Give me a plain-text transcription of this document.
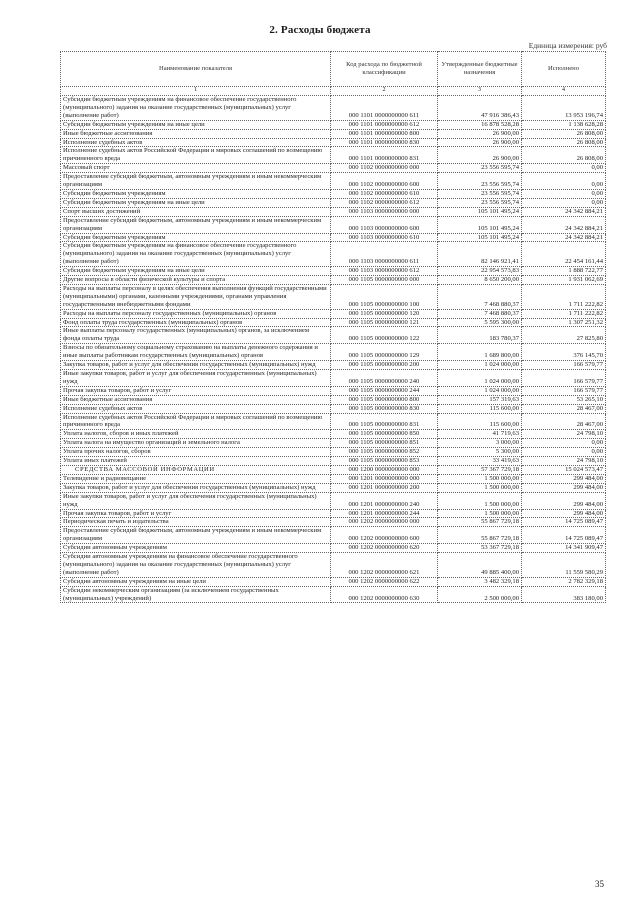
2. Расходы бюджета
Единица измерения: руб
Наименование показателя	Код расхода по бюджетной классификации	Утвержденные бюджетные назначения	Исполнено
1	2	3	4
Субсидии бюджетным учреждениям на финансовое обеспечение государственного (муниципального) задания на оказание государственных (муниципальных) услуг (выполнение работ)	000 1101 0000000000 611	47 916 386,43	13 953 196,74
Субсидии бюджетным учреждениям на иные цели	000 1101 0000000000 612	16 878 528,28	1 138 628,28
Иные бюджетные ассигнования	000 1101 0000000000 800	26 900,00	26 808,00
Исполнение судебных актов	000 1101 0000000000 830	26 900,00	26 808,00
Исполнение судебных актов Российской Федерации и мировых соглашений по возмещению причиненного вреда	000 1101 0000000000 831	26 900,00	26 808,00
Массовый спорт	000 1102 0000000000 000	23 556 595,74	0,00
Предоставление субсидий бюджетным, автономным учреждениям и иным некоммерческим организациям	000 1102 0000000000 600	23 556 595,74	0,00
Субсидии бюджетным учреждениям	000 1102 0000000000 610	23 556 595,74	0,00
Субсидии бюджетным учреждениям на иные цели	000 1102 0000000000 612	23 556 595,74	0,00
Спорт высших достижений	000 1103 0000000000 000	105 101 495,24	24 342 884,21
Предоставление субсидий бюджетным, автономным учреждениям и иным некоммерческим организациям	000 1103 0000000000 600	105 101 495,24	24 342 884,21
Субсидии бюджетным учреждениям	000 1103 0000000000 610	105 101 495,24	24 342 884,21
Субсидии бюджетным учреждениям на финансовое обеспечение государственного (муниципального) задания на оказание государственных (муниципальных) услуг (выполнение работ)	000 1103 0000000000 611	82 146 921,41	22 454 161,44
Субсидии бюджетным учреждениям на иные цели	000 1103 0000000000 612	22 954 573,83	1 888 722,77
Другие вопросы в области физической культуры и спорта	000 1105 0000000000 000	8 650 200,00	1 931 062,69
Расходы на выплаты персоналу в целях обеспечения выполнения функций государственными (муниципальными) органами, казенными учреждениями, органами управления государственными внебюджетными фондами	000 1105 0000000000 100	7 468 880,37	1 711 222,82
Расходы на выплаты персоналу государственных (муниципальных) органов	000 1105 0000000000 120	7 468 880,37	1 711 222,82
Фонд оплаты труда государственных (муниципальных) органов	000 1105 0000000000 121	5 595 300,00	1 307 251,32
Иные выплаты персоналу государственных (муниципальных) органов, за исключением фонда оплаты труда	000 1105 0000000000 122	183 780,37	27 825,80
Взносы по обязательному социальному страхованию на выплаты денежного содержания и иные выплаты работникам государственных (муниципальных) органов	000 1105 0000000000 129	1 689 800,00	376 145,70
Закупка товаров, работ и услуг для обеспечения государственных (муниципальных) нужд	000 1105 0000000000 200	1 024 000,00	166 579,77
Иные закупки товаров, работ и услуг для обеспечения государственных (муниципальных) нужд	000 1105 0000000000 240	1 024 000,00	166 579,77
Прочая закупка товаров, работ и услуг	000 1105 0000000000 244	1 024 000,00	166 579,77
Иные бюджетные ассигнования	000 1105 0000000000 800	157 319,63	53 265,10
Исполнение судебных актов	000 1105 0000000000 830	115 600,00	28 467,00
Исполнение судебных актов Российской Федерации и мировых соглашений по возмещению причиненного вреда	000 1105 0000000000 831	115 600,00	28 467,00
Уплата налогов, сборов и иных платежей	000 1105 0000000000 850	41 719,63	24 798,10
Уплата налога на имущество организаций и земельного налога	000 1105 0000000000 851	3 000,00	0,00
Уплата прочих налогов, сборов	000 1105 0000000000 852	5 300,00	0,00
Уплата иных платежей	000 1105 0000000000 853	33 419,63	24 798,10
СРЕДСТВА МАССОВОЙ ИНФОРМАЦИИ	000 1200 0000000000 000	57 367 729,18	15 024 573,47
Телевидение и радиовещание	000 1201 0000000000 000	1 500 000,00	299 484,00
Закупка товаров, работ и услуг для обеспечения государственных (муниципальных) нужд	000 1201 0000000000 200	1 500 000,00	299 484,00
Иные закупки товаров, работ и услуг для обеспечения государственных (муниципальных) нужд	000 1201 0000000000 240	1 500 000,00	299 484,00
Прочая закупка товаров, работ и услуг	000 1201 0000000000 244	1 500 000,00	299 484,00
Периодическая печать и издательства	000 1202 0000000000 000	55 867 729,18	14 725 089,47
Предоставление субсидий бюджетным, автономным учреждениям и иным некоммерческим организациям	000 1202 0000000000 600	55 867 729,18	14 725 089,47
Субсидии автономным учреждениям	000 1202 0000000000 620	53 367 729,18	14 341 909,47
Субсидии автономным учреждениям на финансовое обеспечение государственного (муниципального) задания на оказание государственных (муниципальных) услуг (выполнение работ)	000 1202 0000000000 621	49 885 400,00	11 559 580,29
Субсидии автономным учреждениям на иные цели	000 1202 0000000000 622	3 482 329,18	2 782 329,18
Субсидии некоммерческим организациям (за исключением государственных (муниципальных) учреждений)	000 1202 0000000000 630	2 500 000,00	383 180,00
35
